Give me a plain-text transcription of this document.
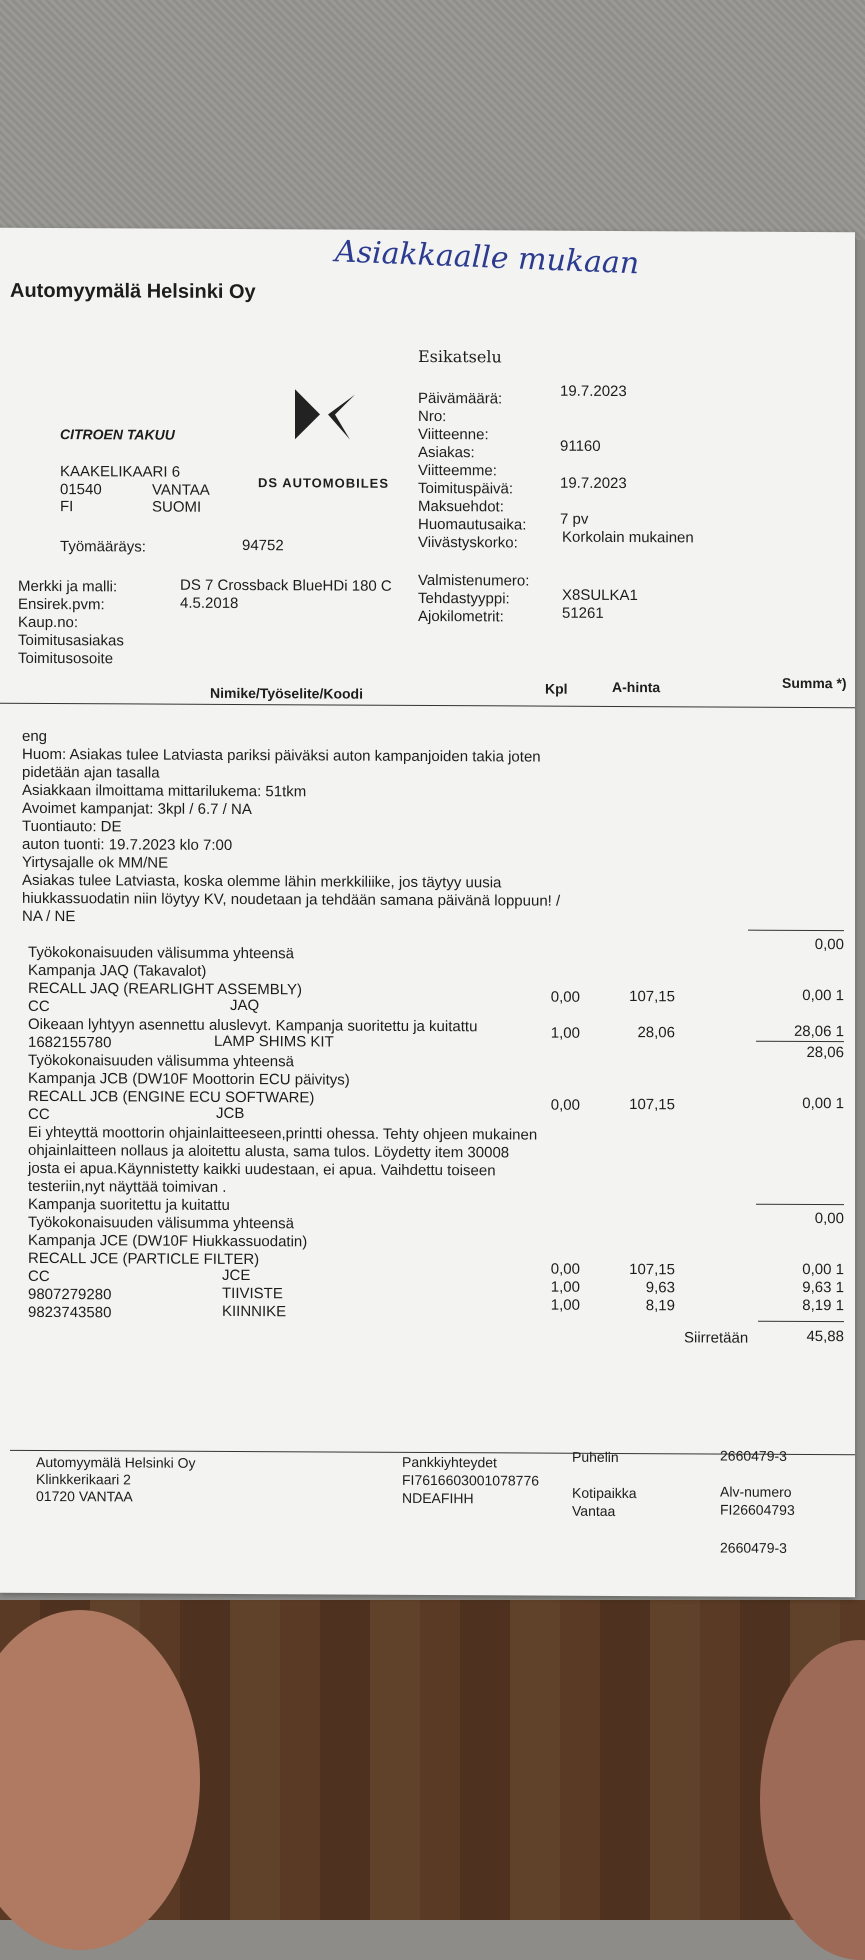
Asiakkaalle mukaan
Automyymälä Helsinki Oy
Esikatselu
DS AUTOMOBILES
CITROEN TAKUU
KAAKELIKAARI 6
01540	VANTAA
FI	SUOMI
Työmääräys:	94752
Päivämäärä:	19.7.2023
Nro:
Viitteenne:
Asiakas:	91160
Viitteemme:
Toimituspäivä:	19.7.2023
Maksuehdot:
Huomautusaika: 7 pv
Viivästyskorko:	Korkolain mukainen
Merkki ja malli:	DS 7 Crossback BlueHDi 180 C
Ensirek.pvm:	4.5.2018
Kaup.no:
Toimitusasiakas
Toimitusosoite
Valmistenumero:
Tehdastyyppi:	X8SULKA1
Ajokilometrit:	51261
Nimike/Työselite/Koodi	Kpl	A-hinta	Summa *)
eng
Huom: Asiakas tulee Latviasta pariksi päiväksi auton kampanjoiden takia joten
pidetään ajan tasalla
Asiakkaan ilmoittama mittarilukema: 51tkm
Avoimet kampanjat: 3kpl / 6.7 / NA
Tuontiauto: DE
auton tuonti: 19.7.2023 klo 7:00
Yirtysajalle ok MM/NE
Asiakas tulee Latviasta, koska olemme lähin merkkiliike, jos täytyy uusia
hiukkassuodatin niin löytyy KV, noudetaan ja tehdään samana päivänä loppuun! /
NA / NE
0,00
Työkokonaisuuden välisumma yhteensä
Kampanja JAQ (Takavalot)
RECALL JAQ (REARLIGHT ASSEMBLY)
CC	JAQ	0,00	107,15	0,00 1
Oikeaan lyhtyyn asennettu aluslevyt. Kampanja suoritettu ja kuitattu
1682155780	LAMP SHIMS KIT	1,00	28,06	28,06 1
28,06
Työkokonaisuuden välisumma yhteensä
Kampanja JCB (DW10F Moottorin ECU päivitys)
RECALL JCB (ENGINE ECU SOFTWARE)
CC	JCB	0,00	107,15	0,00 1
Ei yhteyttä moottorin ohjainlaitteeseen,printti ohessa. Tehty ohjeen mukainen
ohjainlaitteen nollaus ja aloitettu alusta, sama tulos. Löydetty item 30008
josta ei apua.Käynnistetty kaikki uudestaan, ei apua. Vaihdettu toiseen
testeriin,nyt näyttää toimivan .
Kampanja suoritettu ja kuitattu
0,00
Työkokonaisuuden välisumma yhteensä
Kampanja JCE (DW10F Hiukkassuodatin)
RECALL JCE (PARTICLE FILTER)
CC	JCE	0,00	107,15	0,00 1
9807279280	TIIVISTE	1,00	9,63	9,63 1
9823743580	KIINNIKE	1,00	8,19	8,19 1
Siirretään	45,88
Automyymälä Helsinki Oy
Klinkkerikaari 2
01720 VANTAA
Pankkiyhteydet
FI7616603001078776
NDEAFIHH
Puhelin	2660479-3
Kotipaikka
Vantaa
Alv-numero
FI26604793
2660479-3
